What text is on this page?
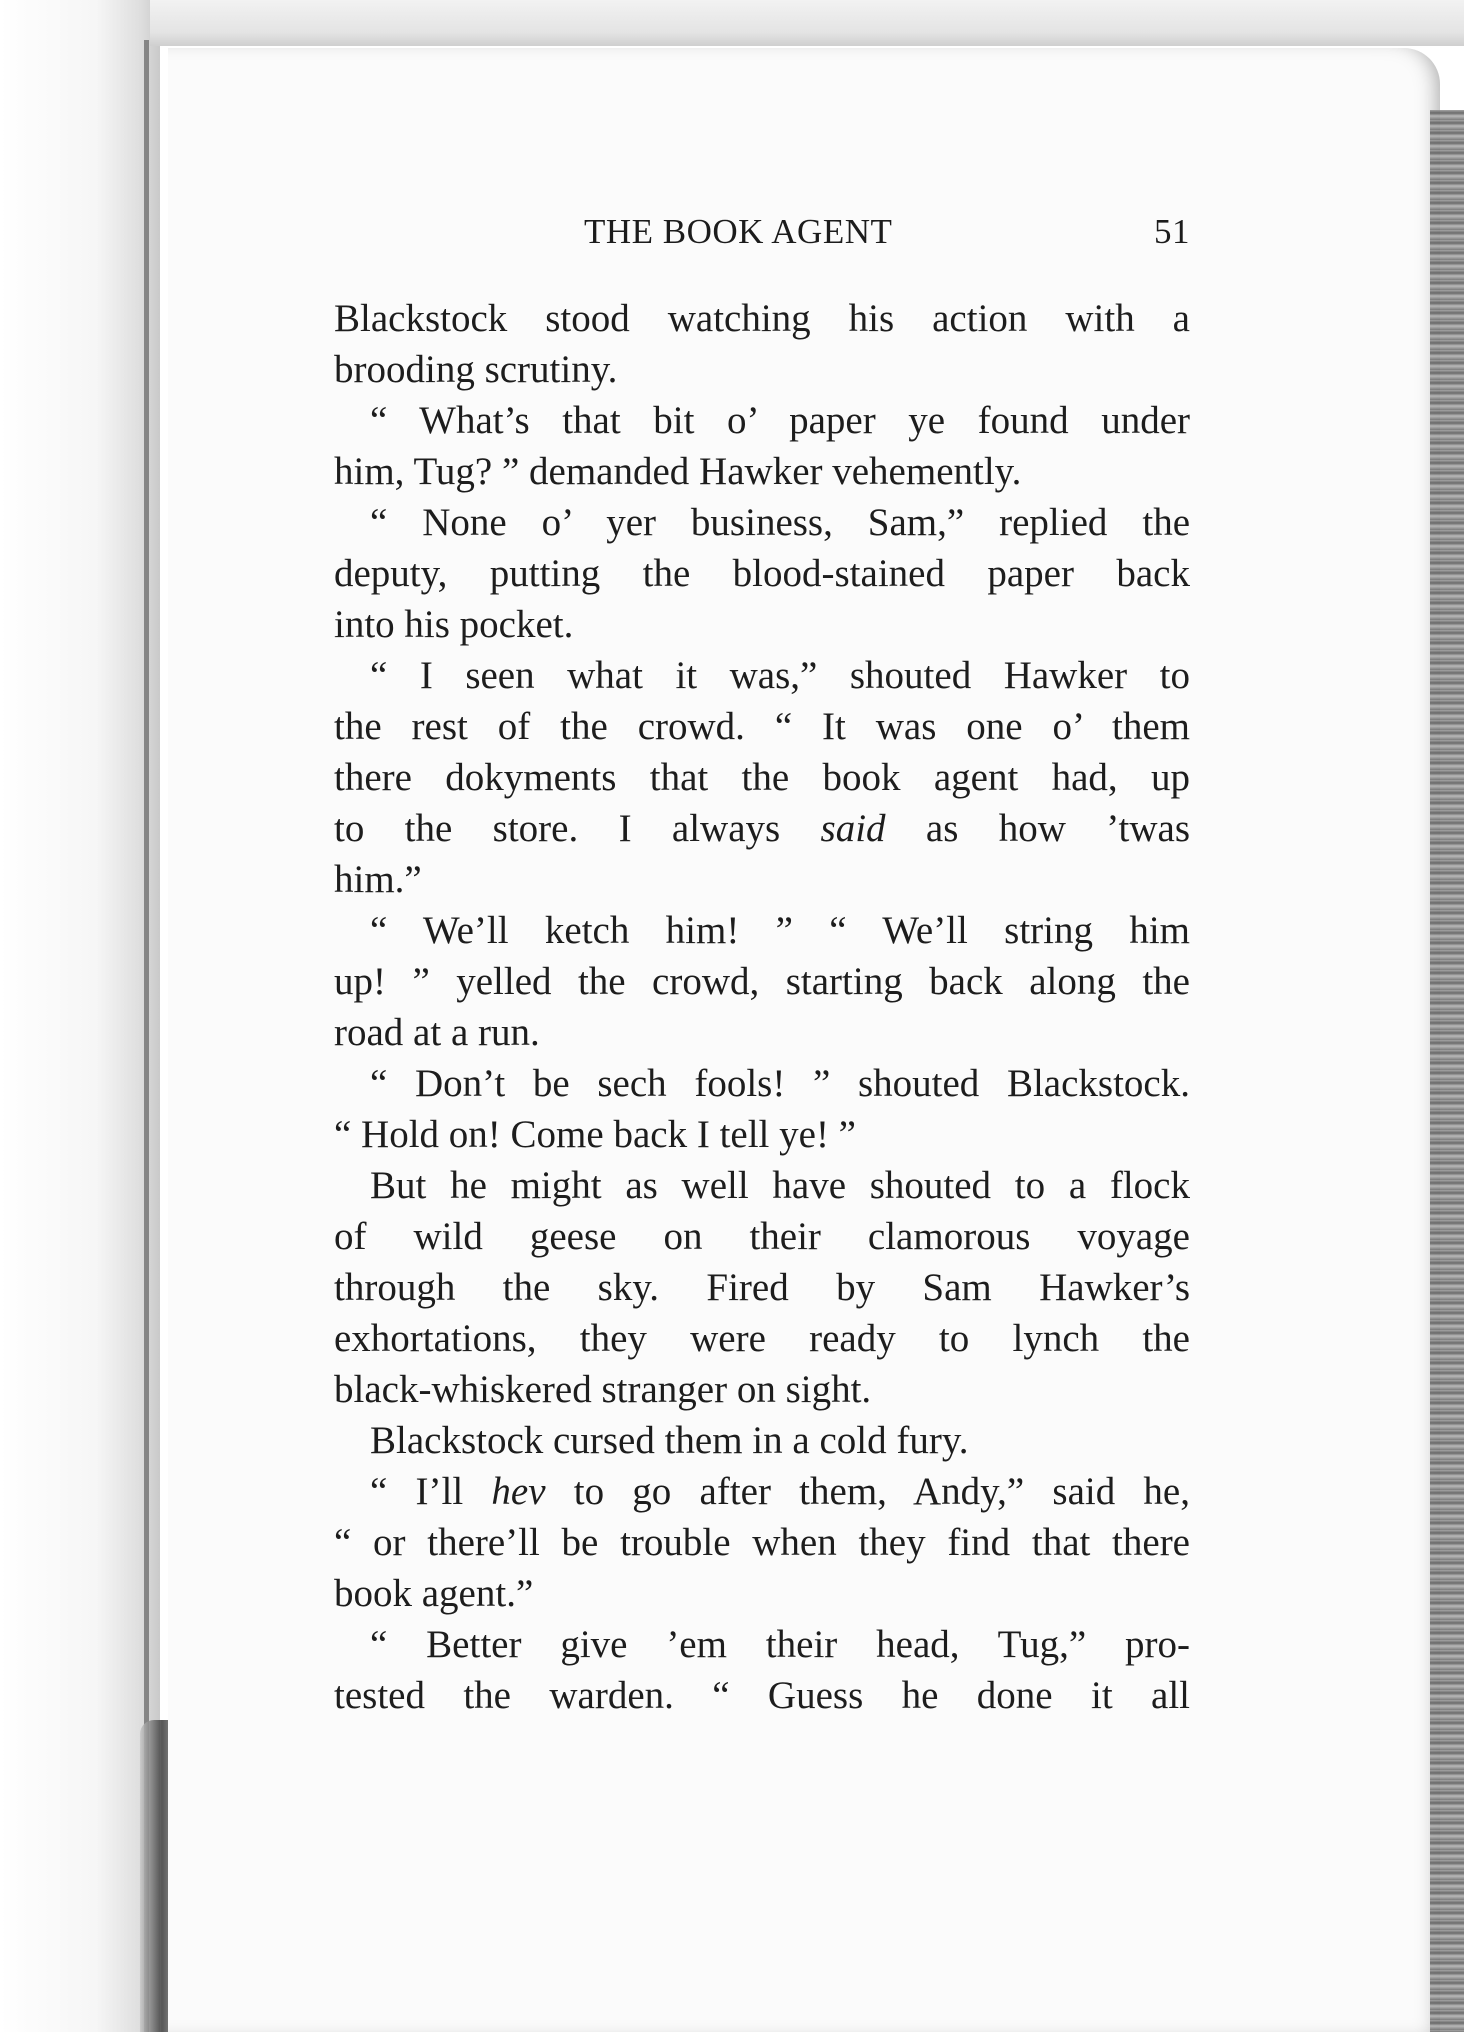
THE BOOK AGENT	51
Blackstock stood watching his action with a
brooding scrutiny.
“ What’s that bit o’ paper ye found under
him, Tug? ” demanded Hawker vehemently.
“ None o’ yer business, Sam,” replied the
deputy, putting the blood-stained paper back
into his pocket.
“ I seen what it was,” shouted Hawker to
the rest of the crowd. “ It was one o’ them
there dokyments that the book agent had, up
to the store. I always said as how ’twas
him.”
“ We’ll ketch him! ” “ We’ll string him
up! ” yelled the crowd, starting back along the
road at a run.
“ Don’t be sech fools! ” shouted Blackstock.
“ Hold on! Come back I tell ye! ”
But he might as well have shouted to a flock
of wild geese on their clamorous voyage
through the sky. Fired by Sam Hawker’s
exhortations, they were ready to lynch the
black-whiskered stranger on sight.
Blackstock cursed them in a cold fury.
“ I’ll hev to go after them, Andy,” said he,
“ or there’ll be trouble when they find that there
book agent.”
“ Better give ’em their head, Tug,” pro-
tested the warden. “ Guess he done it all
